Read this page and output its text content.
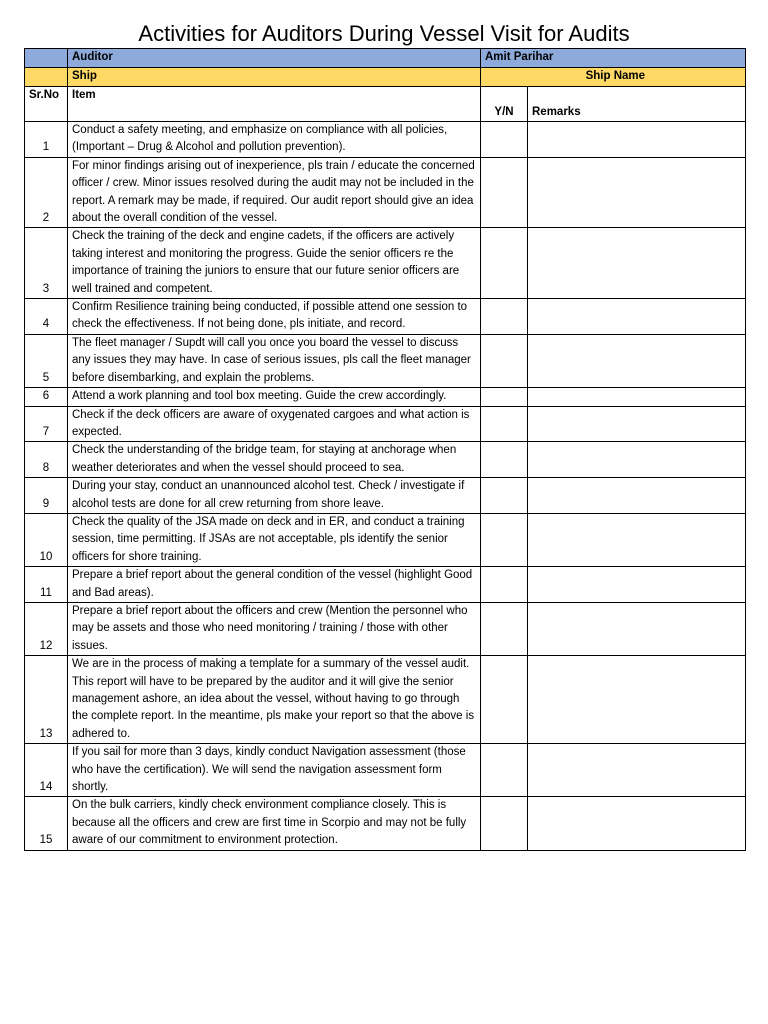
Activities for Auditors During Vessel Visit for Audits
	Auditor	Amit Parihar	
	Ship	Ship Name	
Sr.No	Item	Y/N	Remarks
1	Conduct a safety meeting, and emphasize on compliance with all policies, (Important – Drug & Alcohol and pollution prevention).		
2	For minor findings arising out of inexperience, pls train / educate the concerned officer / crew. Minor issues resolved during the audit may not be included in the report. A remark may be made, if required. Our audit report should give an idea about the overall condition of the vessel.		
3	Check the training of the deck and engine cadets, if the officers are actively taking interest and monitoring the progress. Guide the senior officers re the importance of training the juniors to ensure that our future senior officers are well trained and competent.		
4	Confirm Resilience training being conducted, if possible attend one session to check the effectiveness. If not being done, pls initiate, and record.		
5	The fleet manager / Supdt will call you once you board the vessel to discuss any issues they may have. In case of serious issues, pls call the fleet manager before disembarking, and explain the problems.		
6	Attend a work planning and tool box meeting. Guide the crew accordingly.		
7	Check if the deck officers are aware of oxygenated cargoes and what action is expected.		
8	Check the understanding of the bridge team, for staying at anchorage when weather deteriorates and when the vessel should proceed to sea.		
9	During your stay, conduct an unannounced alcohol test. Check / investigate if alcohol tests are done for all crew returning from shore leave.		
10	Check the quality of the JSA made on deck and in ER, and conduct a training session, time permitting. If JSAs are not acceptable, pls identify the senior officers for shore training.		
11	Prepare a brief report about the general condition of the vessel (highlight Good and Bad areas).		
12	Prepare a brief report about the officers and crew (Mention the personnel who may be assets and those who need monitoring / training / those with other issues.		
13	We are in the process of making a template for a summary of the vessel audit. This report will have to be prepared by the auditor and it will give the senior management ashore, an idea about the vessel, without having to go through the complete report. In the meantime, pls make your report so that the above is adhered to.		
14	If you sail for more than 3 days, kindly conduct Navigation assessment (those who have the certification). We will send the navigation assessment form shortly.		
15	On the bulk carriers, kindly check environment compliance closely. This is because all the officers and crew are first time in Scorpio and may not be fully aware of our commitment to environment protection.		
